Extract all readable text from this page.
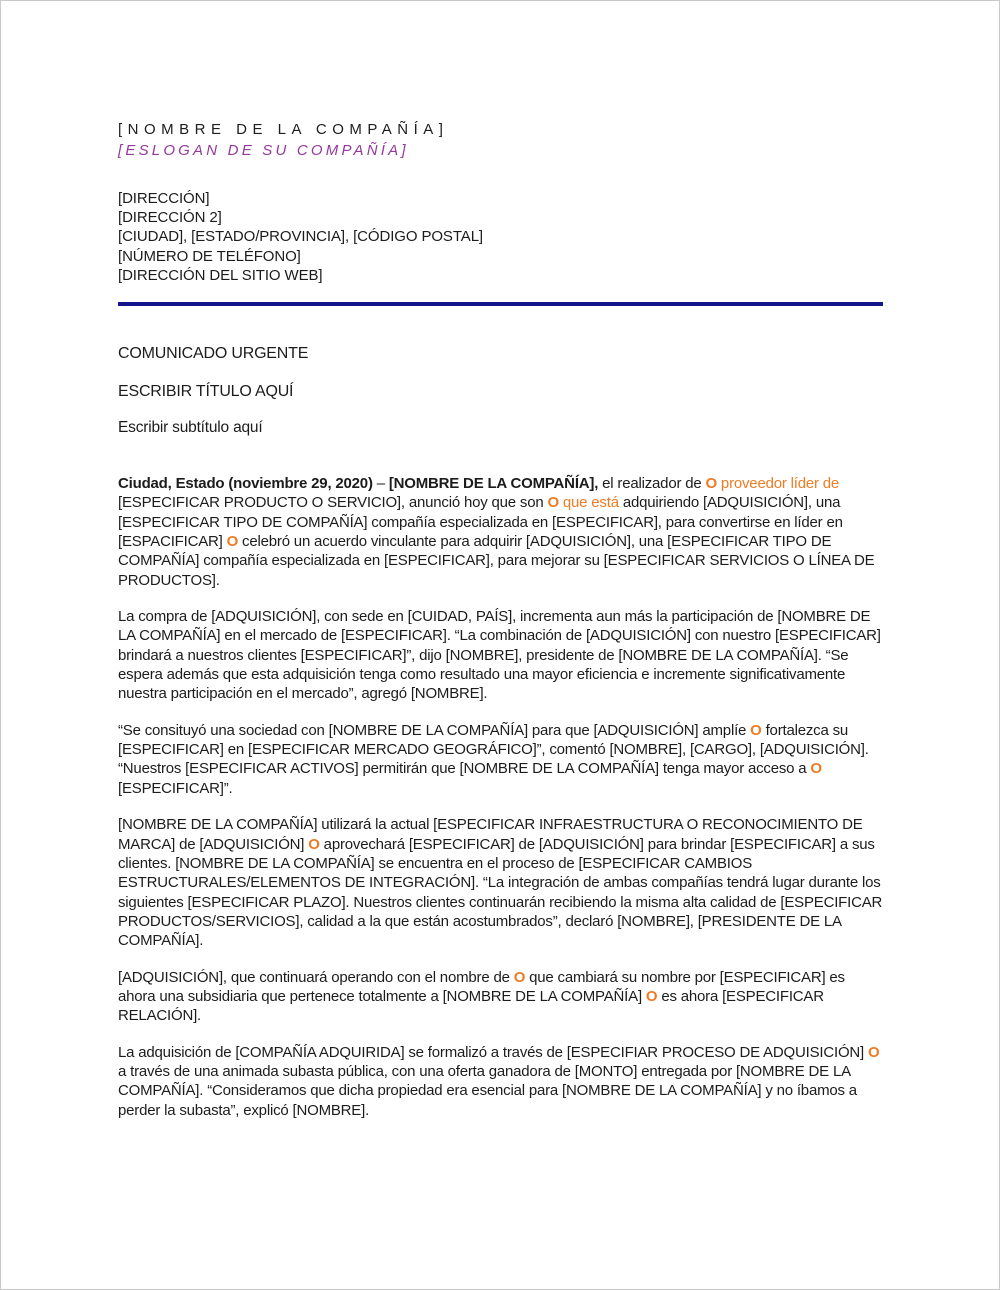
[NOMBRE DE LA COMPAÑÍA]
[ESLOGAN DE SU COMPAÑÍA]
[DIRECCIÓN]
[DIRECCIÓN 2]
[CIUDAD], [ESTADO/PROVINCIA], [CÓDIGO POSTAL]
[NÚMERO DE TELÉFONO]
[DIRECCIÓN DEL SITIO WEB]
COMUNICADO URGENTE
ESCRIBIR TÍTULO AQUÍ
Escribir subtítulo aquí

Ciudad, Estado (noviembre 29, 2020) – [NOMBRE DE LA COMPAÑÍA], el realizador de O proveedor líder de [ESPECIFICAR PRODUCTO O SERVICIO], anunció hoy que son O que está adquiriendo [ADQUISICIÓN], una [ESPECIFICAR TIPO DE COMPAÑÍA] compañía especializada en [ESPECIFICAR], para convertirse en líder en [ESPACIFICAR] O celebró un acuerdo vinculante para adquirir [ADQUISICIÓN], una [ESPECIFICAR TIPO DE COMPAÑÍA] compañía especializada en [ESPECIFICAR], para mejorar su [ESPECIFICAR SERVICIOS O LÍNEA DE PRODUCTOS].

La compra de [ADQUISICIÓN], con sede en [CUIDAD, PAÍS], incrementa aun más la participación de [NOMBRE DE LA COMPAÑÍA] en el mercado de [ESPECIFICAR]. “La combinación de [ADQUISICIÓN] con nuestro [ESPECIFICAR] brindará a nuestros clientes [ESPECIFICAR]”, dijo [NOMBRE], presidente de [NOMBRE DE LA COMPAÑÍA]. “Se espera además que esta adquisición tenga como resultado una mayor eficiencia e incremente significativamente nuestra participación en el mercado”, agregó [NOMBRE].

“Se consituyó una sociedad con [NOMBRE DE LA COMPAÑÍA] para que [ADQUISICIÓN] amplíe O fortalezca su [ESPECIFICAR] en [ESPECIFICAR MERCADO GEOGRÁFICO]”, comentó [NOMBRE], [CARGO], [ADQUISICIÓN]. “Nuestros [ESPECIFICAR ACTIVOS] permitirán que [NOMBRE DE LA COMPAÑÍA] tenga mayor acceso a O [ESPECIFICAR]”.

[NOMBRE DE LA COMPAÑÍA] utilizará la actual [ESPECIFICAR INFRAESTRUCTURA O RECONOCIMIENTO DE MARCA] de [ADQUISICIÓN] O aprovechará [ESPECIFICAR] de [ADQUISICIÓN] para brindar [ESPECIFICAR] a sus clientes. [NOMBRE DE LA COMPAÑÍA] se encuentra en el proceso de [ESPECIFICAR CAMBIOS ESTRUCTURALES/ELEMENTOS DE INTEGRACIÓN]. “La integración de ambas compañías tendrá lugar durante los siguientes [ESPECIFICAR PLAZO]. Nuestros clientes continuarán recibiendo la misma alta calidad de [ESPECIFICAR PRODUCTOS/SERVICIOS], calidad a la que están acostumbrados”, declaró [NOMBRE], [PRESIDENTE DE LA COMPAÑÍA].

[ADQUISICIÓN], que continuará operando con el nombre de O que cambiará su nombre por [ESPECIFICAR] es ahora una subsidiaria que pertenece totalmente a [NOMBRE DE LA COMPAÑÍA] O es ahora [ESPECIFICAR RELACIÓN].

La adquisición de [COMPAÑÍA ADQUIRIDA] se formalizó a través de [ESPECIFIAR PROCESO DE ADQUISICIÓN] O a través de una animada subasta pública, con una oferta ganadora de [MONTO] entregada por [NOMBRE DE LA COMPAÑÍA]. “Consideramos que dicha propiedad era esencial para [NOMBRE DE LA COMPAÑÍA] y no íbamos a perder la subasta”, explicó [NOMBRE].
